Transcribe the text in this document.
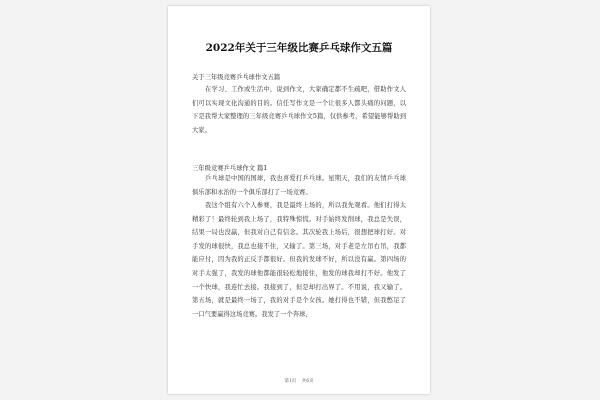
2022年关于三年级比赛乒乓球作文五篇
关于三年级竞赛乒乓球作文五篇
在学习、工作或生活中，说到作文，大家确定都不生疏吧，借助作文人们可以实现文化沟通的目的。信任写作文是一个让很多人都头痛的问题，以下是我帮大家整理的三年级竞赛乒乓球作文5篇，仅供参考，希望能够帮助到大家。
三年级竞赛乒乓球作文 篇1
乒乓球是中国的国球，我也喜爱打乒乓球。星期天，我们的友情乒乓球俱乐部和永治的一个俱乐部打了一场竞赛。
我这个组有六个人参赛，我是最终上场的，所以我先观看。他们打得太精彩了！最终轮到我上场了，我特殊惊慌。对手始终发削球，我总是失误，结果一局也没赢，但我对自己有信念。其次轮我上场后，很想把球打好。对手发的球很快，我总也接不住，又输了。第三场，对手老是左吊右吊，我都能应付，因为我的正反手都很好。但我的发球不好，所以没有赢。第四场的对手太强了，我发的球他都能很轻松地接住，他发的球我却打不好。他发了一个快球，我连忙去接。我接到了，但是却打出界了。不用说，我又输了。第五场，就是最终一场了，我的对手是个女孩。她打得也不错，但我憋足了一口气要赢得这场竞赛。我发了一个奔球，
第1页 共6页
